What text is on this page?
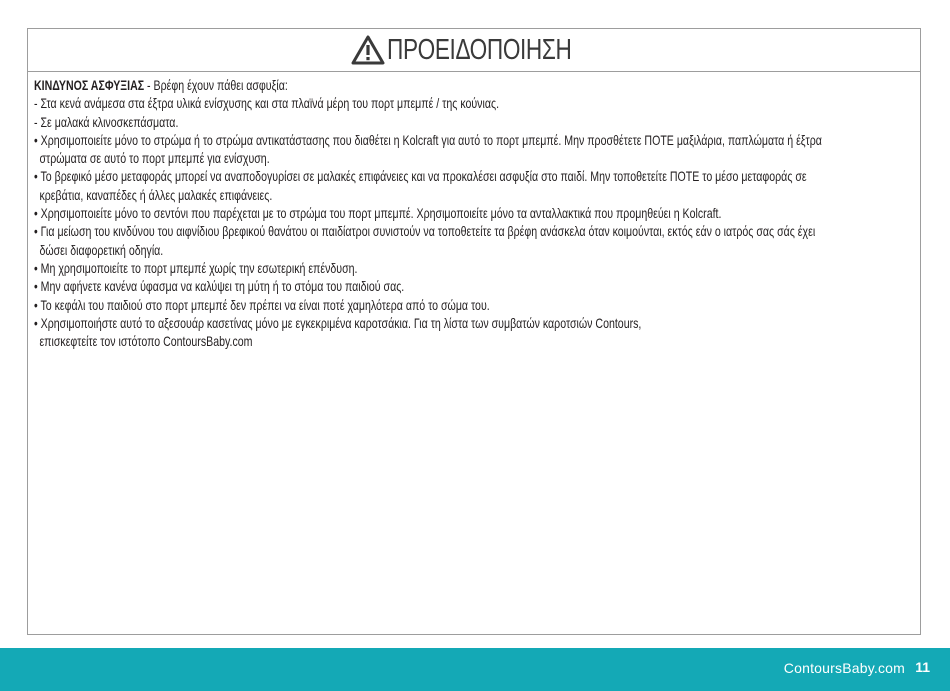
ΠΡΟΕΙΔΟΠΟΙΗΣΗ
ΚΙΝΔΥΝΟΣ ΑΣΦΥΞΙΑΣ - Βρέφη έχουν πάθει ασφυξία:
- Στα κενά ανάμεσα στα έξτρα υλικά ενίσχυσης και στα πλαϊνά μέρη του πορτ μπεμπέ / της κούνιας.
- Σε μαλακά κλινοσκεπάσματα.
• Χρησιμοποιείτε μόνο το στρώμα ή το στρώμα αντικατάστασης που διαθέτει η Kolcraft για αυτό το πορτ μπεμπέ. Μην προσθέτετε ΠΟΤΕ μαξιλάρια, παπλώματα ή έξτρα
στρώματα σε αυτό το πορτ μπεμπέ για ενίσχυση.
• Το βρεφικό μέσο μεταφοράς μπορεί να αναποδογυρίσει σε μαλακές επιφάνειες και να προκαλέσει ασφυξία στο παιδί. Μην τοποθετείτε ΠΟΤΕ το μέσο μεταφοράς σε
κρεβάτια, καναπέδες ή άλλες μαλακές επιφάνειες.
• Χρησιμοποιείτε μόνο το σεντόνι που παρέχεται με το στρώμα του πορτ μπεμπέ. Χρησιμοποιείτε μόνο τα ανταλλακτικά που προμηθεύει η Kolcraft.
• Για μείωση του κινδύνου του αιφνίδιου βρεφικού θανάτου οι παιδίατροι συνιστούν να τοποθετείτε τα βρέφη ανάσκελα όταν κοιμούνται, εκτός εάν ο ιατρός σας σάς έχει
δώσει διαφορετική οδηγία.
• Μη χρησιμοποιείτε το πορτ μπεμπέ χωρίς την εσωτερική επένδυση.
• Μην αφήνετε κανένα ύφασμα να καλύψει τη μύτη ή το στόμα του παιδιού σας.
• Το κεφάλι του παιδιού στο πορτ μπεμπέ δεν πρέπει να είναι ποτέ χαμηλότερα από το σώμα του.
• Χρησιμοποιήστε αυτό το αξεσουάρ κασετίνας μόνο με εγκεκριμένα καροτσάκια. Για τη λίστα των συμβατών καροτσιών Contours,
επισκεφτείτε τον ιστότοπο ContoursBaby.com
ContoursBaby.com 11
